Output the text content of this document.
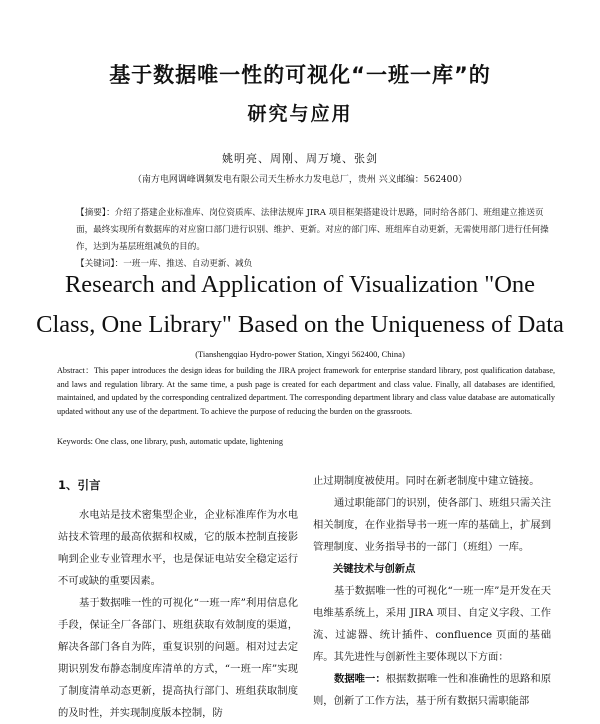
基于数据唯一性的可视化“一班一库”的
研究与应用
姚明亮、周刚、周万境、张剑
（南方电网调峰调频发电有限公司天生桥水力发电总厂，贵州 兴义邮编：562400）
【摘要】：介绍了搭建企业标准库、岗位资质库、法律法规库 JIRA 项目框架搭建设计思路，同时给各部门、班组建立推送页面，最终实现所有数据库的对应窗口部门进行识别、维护、更新。对应的部门库、班组库自动更新，无需使用部门进行任何操作，达到为基层班组减负的目的。
【关键词】：一班一库、推送、自动更新、减负
Research and Application of Visualization "One
Class, One Library" Based on the Uniqueness of Data
(Tianshengqiao Hydro-power Station, Xingyi 562400, China)
Abstract：This paper introduces the design ideas for building the JIRA project framework for enterprise standard library, post qualification database, and laws and regulation library. At the same time, a push page is created for each department and class value. Finally, all databases are identified, maintained, and updated by the corresponding centralized department. The corresponding department library and class value database are automatically updated without any use of the department. To achieve the purpose of reducing the burden on the grassroots.
Keywords: One class, one library, push, automatic update, lightening
1、引言

水电站是技术密集型企业，企业标准库作为水电站技术管理的最高依据和权威，它的版本控制直接影响到企业专业管理水平，也是保证电站安全稳定运行不可或缺的重要因素。

基于数据唯一性的可视化“一班一库”利用信息化手段，保证全厂各部门、班组获取有效制度的渠道，解决各部门各自为阵，重复识别的问题。相对过去定期识别发布静态制度库清单的方式，“一班一库”实现了制度清单动态更新，提高执行部门、班组获取制度的及时性，并实现制度版本控制，防

止过期制度被使用。同时在新老制度中建立链接。

通过职能部门的识别，使各部门、班组只需关注相关制度，在作业指导书一班一库的基础上，扩展到管理制度、业务指导书的一部门（班组）一库。

关键技术与创新点

基于数据唯一性的可视化“一班一库”是开发在天电维基系统上，采用 JIRA 项目、自定义字段、工作流、过滤器、统计插件、confluence 页面的基础库。其先进性与创新性主要体现以下方面：

数据唯一：根据数据唯一性和准确性的思路和原则，创新了工作方法，基于所有数据只需职能部
